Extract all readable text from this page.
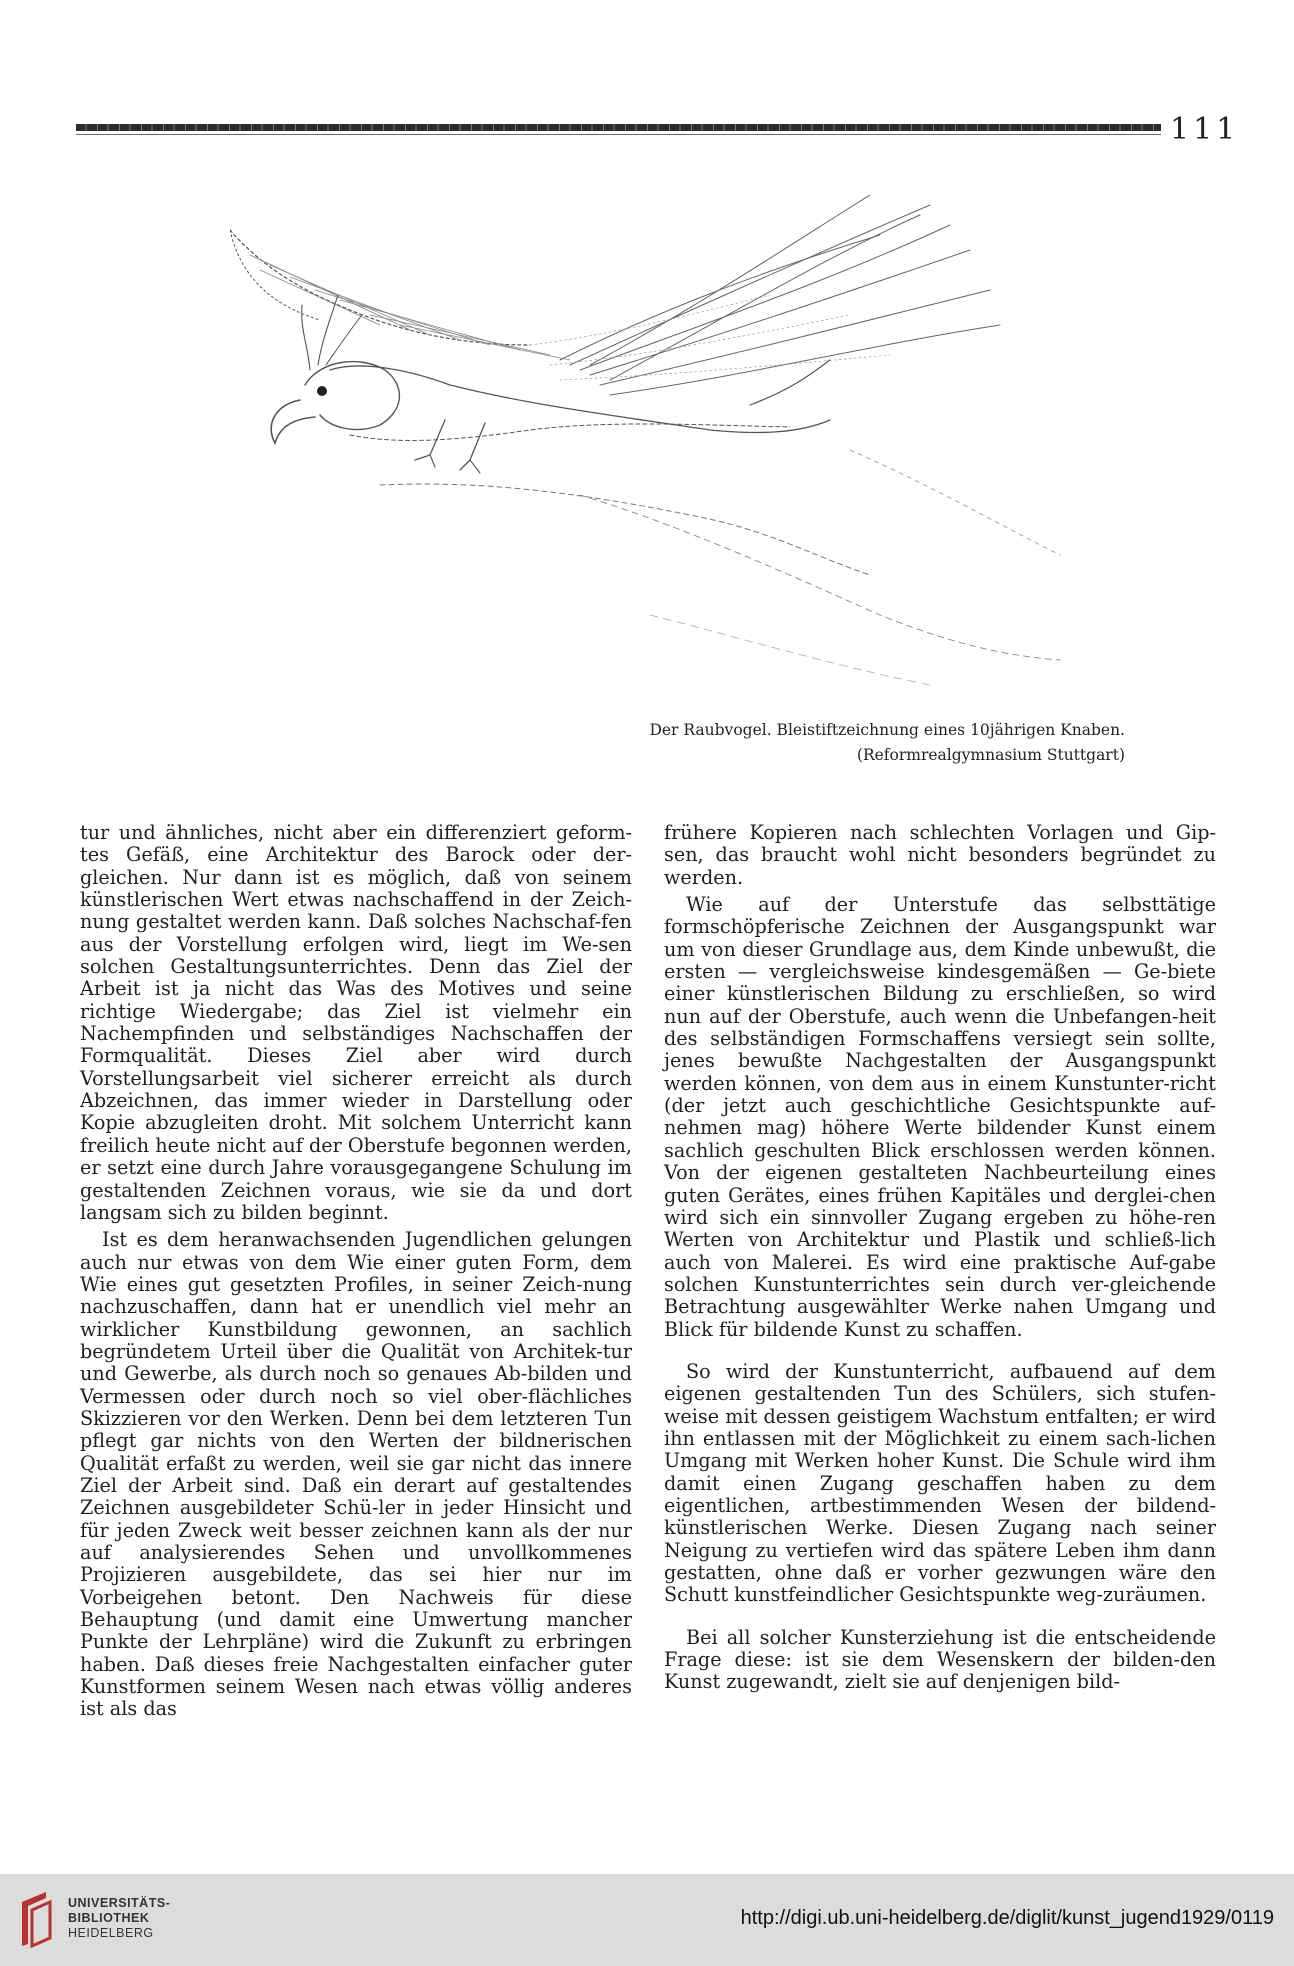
111
Der Raubvogel. Bleistiftzeichnung eines 10jährigen Knaben.
(Reformrealgymnasium Stuttgart)

tur und ähnliches, nicht aber ein differenziert geform-tes Gefäß, eine Architektur des Barock oder der-gleichen. Nur dann ist es möglich, daß von seinem künstlerischen Wert etwas nachschaffend in der Zeich-nung gestaltet werden kann. Daß solches Nachschaf-fen aus der Vorstellung erfolgen wird, liegt im We-sen solchen Gestaltungsunterrichtes. Denn das Ziel der Arbeit ist ja nicht das Was des Motives und seine richtige Wiedergabe; das Ziel ist vielmehr ein Nachempfinden und selbständiges Nachschaffen der Formqualität. Dieses Ziel aber wird durch Vorstellungsarbeit viel sicherer erreicht als durch Abzeichnen, das immer wieder in Darstellung oder Kopie abzugleiten droht. Mit solchem Unterricht kann freilich heute nicht auf der Oberstufe begonnen werden, er setzt eine durch Jahre vorausgegangene Schulung im gestaltenden Zeichnen voraus, wie sie da und dort langsam sich zu bilden beginnt.

Ist es dem heranwachsenden Jugendlichen gelungen auch nur etwas von dem Wie einer guten Form, dem Wie eines gut gesetzten Profiles, in seiner Zeich-nung nachzuschaffen, dann hat er unendlich viel mehr an wirklicher Kunstbildung gewonnen, an sachlich begründetem Urteil über die Qualität von Architek-tur und Gewerbe, als durch noch so genaues Ab-bilden und Vermessen oder durch noch so viel ober-flächliches Skizzieren vor den Werken. Denn bei dem letzteren Tun pflegt gar nichts von den Werten der bildnerischen Qualität erfaßt zu werden, weil sie gar nicht das innere Ziel der Arbeit sind. Daß ein derart auf gestaltendes Zeichnen ausgebildeter Schü-ler in jeder Hinsicht und für jeden Zweck weit besser zeichnen kann als der nur auf analysierendes Sehen und unvollkommenes Projizieren ausgebildete, das sei hier nur im Vorbeigehen betont. Den Nachweis für diese Behauptung (und damit eine Umwertung mancher Punkte der Lehrpläne) wird die Zukunft zu erbringen haben. Daß dieses freie Nachgestalten einfacher guter Kunstformen seinem Wesen nach etwas völlig anderes ist als das

frühere Kopieren nach schlechten Vorlagen und Gip-sen, das braucht wohl nicht besonders begründet zu werden.

Wie auf der Unterstufe das selbsttätige formschöpferische Zeichnen der Ausgangspunkt war um von dieser Grundlage aus, dem Kinde unbewußt, die ersten — vergleichsweise kindesgemäßen — Ge-biete einer künstlerischen Bildung zu erschließen, so wird nun auf der Oberstufe, auch wenn die Unbefangen-heit des selbständigen Formschaffens versiegt sein sollte, jenes bewußte Nachgestalten der Ausgangspunkt werden können, von dem aus in einem Kunstunter-richt (der jetzt auch geschichtliche Gesichtspunkte auf-nehmen mag) höhere Werte bildender Kunst einem sachlich geschulten Blick erschlossen werden können. Von der eigenen gestalteten Nachbeurteilung eines guten Gerätes, eines frühen Kapitäles und derglei-chen wird sich ein sinnvoller Zugang ergeben zu höhe-ren Werten von Architektur und Plastik und schließ-lich auch von Malerei. Es wird eine praktische Auf-gabe solchen Kunstunterrichtes sein durch ver-gleichende Betrachtung ausgewählter Werke nahen Umgang und Blick für bildende Kunst zu schaffen.

So wird der Kunstunterricht, aufbauend auf dem eigenen gestaltenden Tun des Schülers, sich stufen-weise mit dessen geistigem Wachstum entfalten; er wird ihn entlassen mit der Möglichkeit zu einem sach-lichen Umgang mit Werken hoher Kunst. Die Schule wird ihm damit einen Zugang geschaffen haben zu dem eigentlichen, artbestimmenden Wesen der bildend-künstlerischen Werke. Diesen Zugang nach seiner Neigung zu vertiefen wird das spätere Leben ihm dann gestatten, ohne daß er vorher gezwungen wäre den Schutt kunstfeindlicher Gesichtspunkte weg-zuräumen.

Bei all solcher Kunsterziehung ist die entscheidende Frage diese: ist sie dem Wesenskern der bilden-den Kunst zugewandt, zielt sie auf denjenigen bild-

UNIVERSITÄTS-
BIBLIOTHEK
HEIDELBERG
http://digi.ub.uni-heidelberg.de/diglit/kunst_jugend1929/0119
